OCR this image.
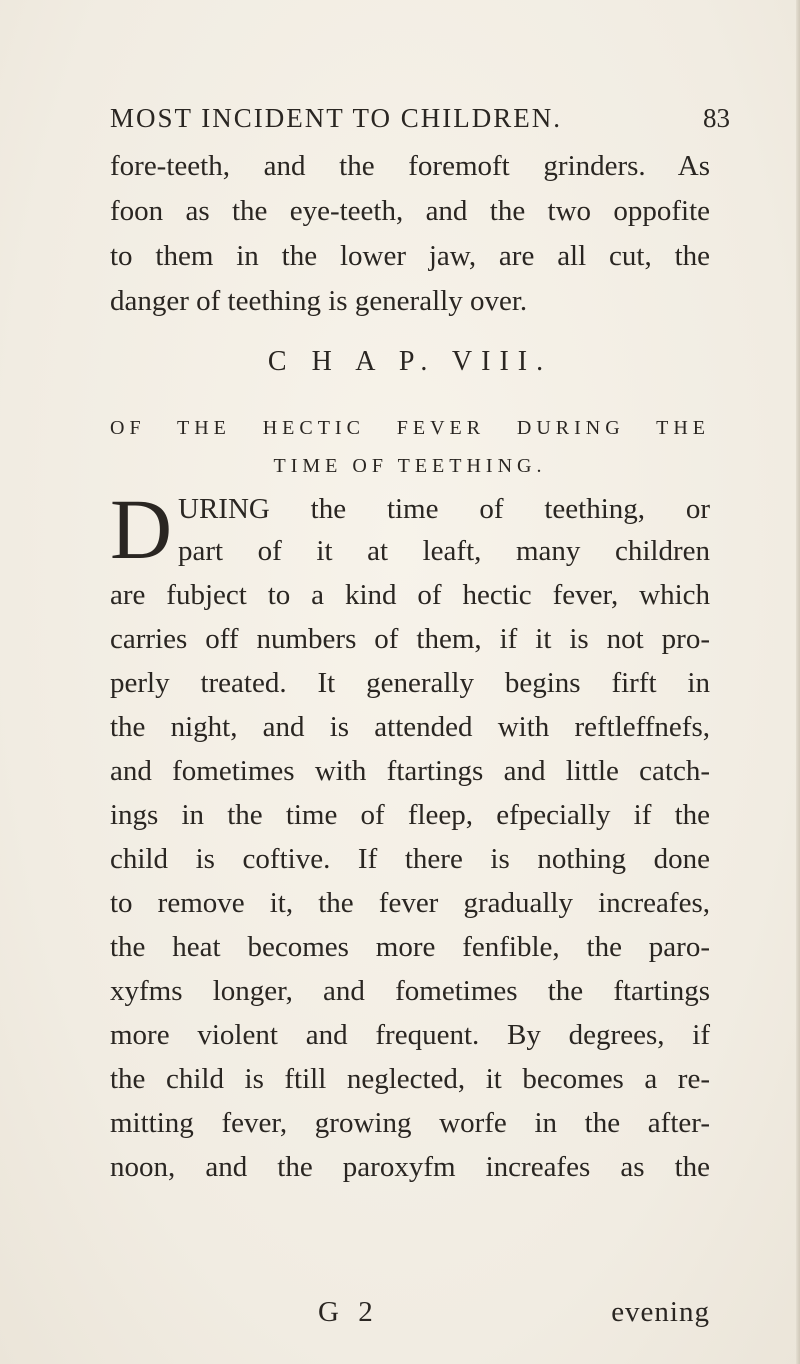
MOST INCIDENT TO CHILDREN.	83
fore-teeth, and the foremoft grinders. As
foon as the eye-teeth, and the two oppofite
to them in the lower jaw, are all cut, the
danger of teething is generally over.
C H A P. VIII.
OF THE HECTIC FEVER DURING THE
TIME OF TEETHING.
D URING the time of teething, or
part of it at leaft, many children
are fubject to a kind of hectic fever, which
carries off numbers of them, if it is not pro-
perly treated. It generally begins firft in
the night, and is attended with reftleffnefs,
and fometimes with ftartings and little catch-
ings in the time of fleep, efpecially if the
child is coftive. If there is nothing done
to remove it, the fever gradually increafes,
the heat becomes more fenfible, the paro-
xyfms longer, and fometimes the ftartings
more violent and frequent. By degrees, if
the child is ftill neglected, it becomes a re-
mitting fever, growing worfe in the after-
noon, and the paroxyfm increafes as the
G 2	evening
